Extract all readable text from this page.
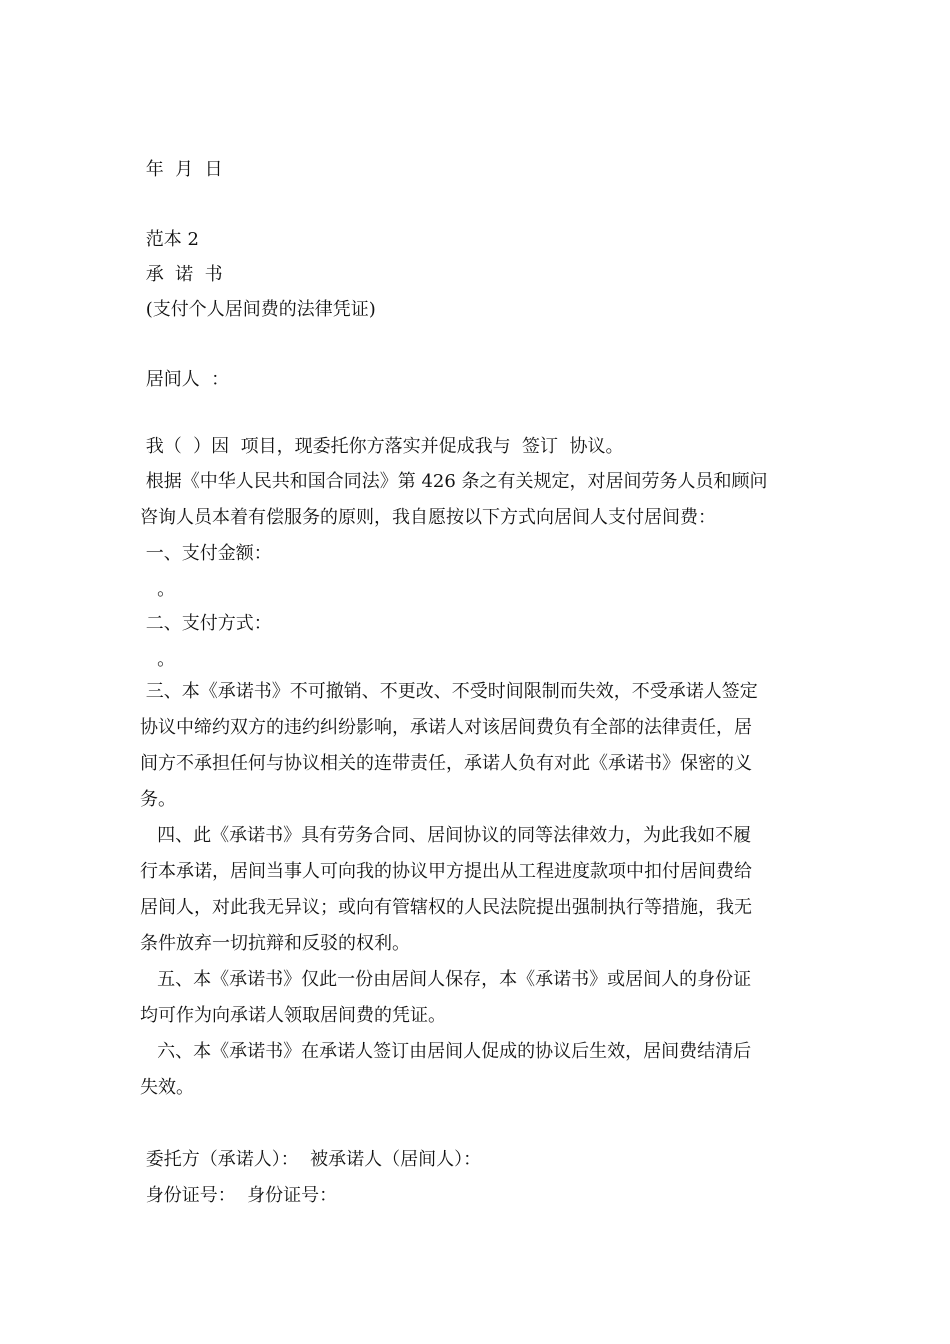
年  月  日

范本 2

承  诺  书

(支付个人居间费的法律凭证)

居间人  ：

我（  ）因  项目，现委托你方落实并促成我与  签订  协议。

根据《中华人民共和国合同法》第 426 条之有关规定，对居间劳务人员和顾问

咨询人员本着有偿服务的原则，我自愿按以下方式向居间人支付居间费：

一、支付金额：

。

二、支付方式：

。

三、本《承诺书》不可撤销、不更改、不受时间限制而失效，不受承诺人签定

协议中缔约双方的违约纠纷影响，承诺人对该居间费负有全部的法律责任，居

间方不承担任何与协议相关的连带责任，承诺人负有对此《承诺书》保密的义

务。

四、此《承诺书》具有劳务合同、居间协议的同等法律效力，为此我如不履

行本承诺，居间当事人可向我的协议甲方提出从工程进度款项中扣付居间费给

居间人，对此我无异议；或向有管辖权的人民法院提出强制执行等措施，我无

条件放弃一切抗辩和反驳的权利。

五、本《承诺书》仅此一份由居间人保存，本《承诺书》或居间人的身份证

均可作为向承诺人领取居间费的凭证。

六、本《承诺书》在承诺人签订由居间人促成的协议后生效，居间费结清后

失效。

委托方（承诺人）：  被承诺人（居间人）：

身份证号：  身份证号：
